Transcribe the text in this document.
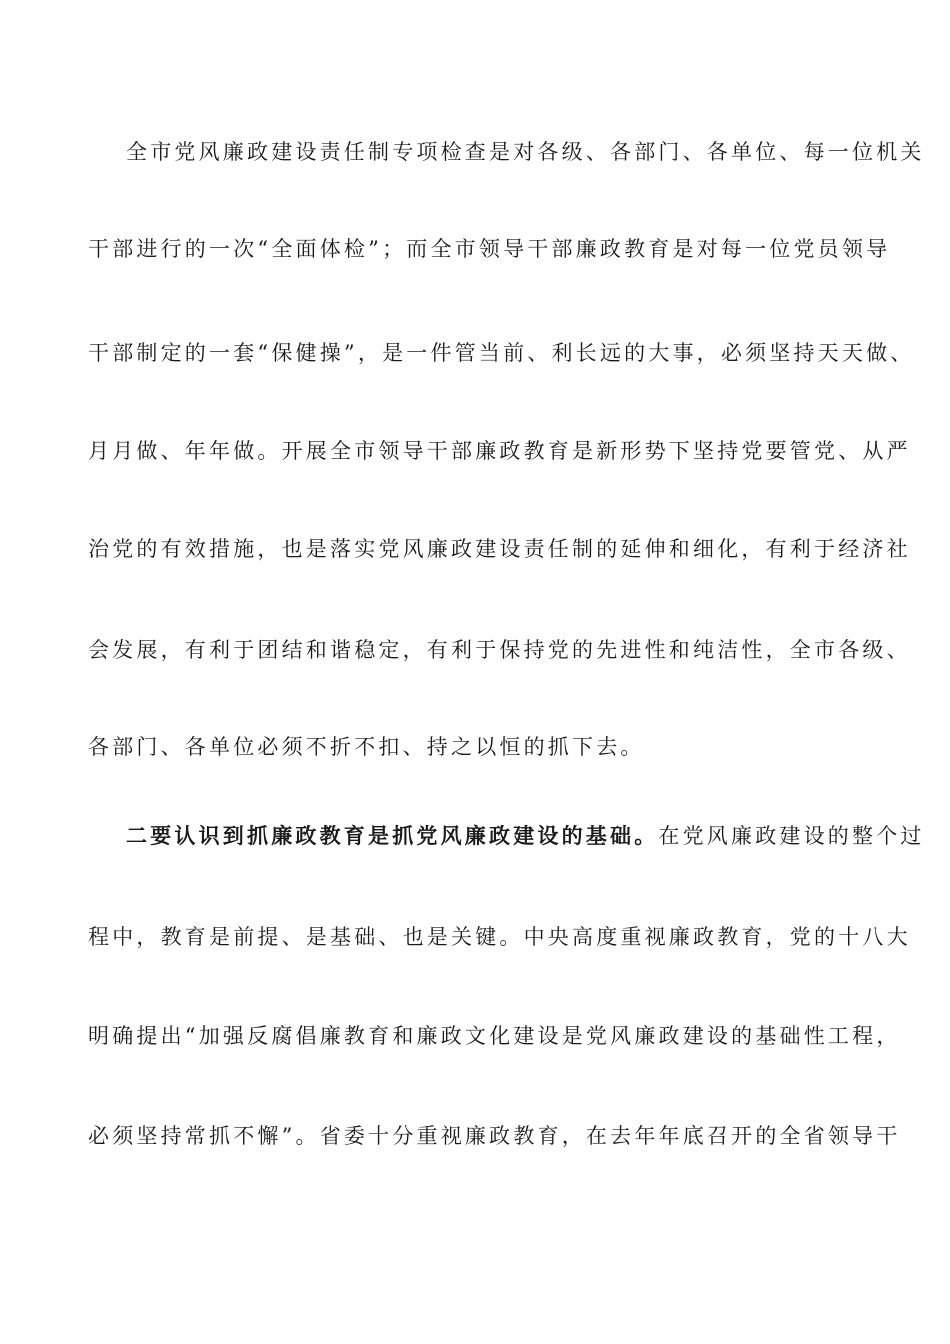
全市党风廉政建设责任制专项检查是对各级、各部门、各单位、每一位机关
干部进行的一次“全面体检”；而全市领导干部廉政教育是对每一位党员领导
干部制定的一套“保健操”，是一件管当前、利长远的大事，必须坚持天天做、
月月做、年年做。开展全市领导干部廉政教育是新形势下坚持党要管党、从严
治党的有效措施，也是落实党风廉政建设责任制的延伸和细化，有利于经济社
会发展，有利于团结和谐稳定，有利于保持党的先进性和纯洁性，全市各级、
各部门、各单位必须不折不扣、持之以恒的抓下去。
二要认识到抓廉政教育是抓党风廉政建设的基础。在党风廉政建设的整个过
程中，教育是前提、是基础、也是关键。中央高度重视廉政教育，党的十八大
明确提出“加强反腐倡廉教育和廉政文化建设是党风廉政建设的基础性工程，
必须坚持常抓不懈”。省委十分重视廉政教育，在去年年底召开的全省领导干
